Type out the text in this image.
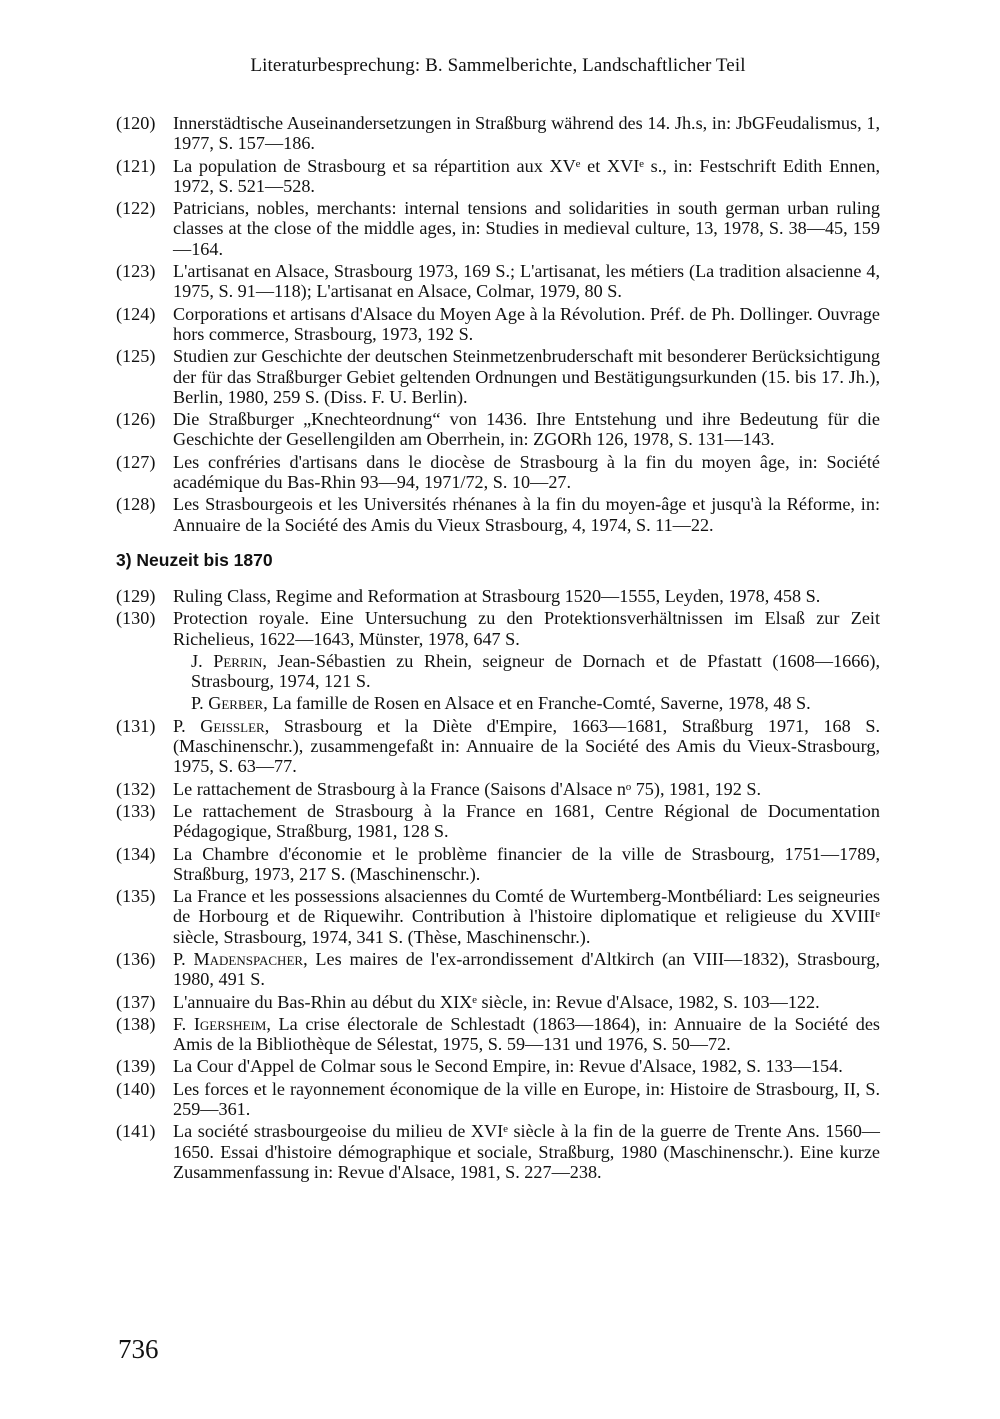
Literaturbesprechung: B. Sammelberichte, Landschaftlicher Teil
(120) Innerstädtische Auseinandersetzungen in Straßburg während des 14. Jh.s, in: JbGFeudalismus, 1, 1977, S. 157—186.
(121) La population de Strasbourg et sa répartition aux XVᵉ et XVIᵉ s., in: Festschrift Edith Ennen, 1972, S. 521—528.
(122) Patricians, nobles, merchants: internal tensions and solidarities in south german urban ruling classes at the close of the middle ages, in: Studies in medieval culture, 13, 1978, S. 38—45, 159—164.
(123) L'artisanat en Alsace, Strasbourg 1973, 169 S.; L'artisanat, les métiers (La tradition alsacienne 4, 1975, S. 91—118); L'artisanat en Alsace, Colmar, 1979, 80 S.
(124) Corporations et artisans d'Alsace du Moyen Age à la Révolution. Préf. de Ph. Dollinger. Ouvrage hors commerce, Strasbourg, 1973, 192 S.
(125) Studien zur Geschichte der deutschen Steinmetzenbruderschaft mit besonderer Berücksichtigung der für das Straßburger Gebiet geltenden Ordnungen und Bestätigungsurkunden (15. bis 17. Jh.), Berlin, 1980, 259 S. (Diss. F. U. Berlin).
(126) Die Straßburger „Knechteordnung“ von 1436. Ihre Entstehung und ihre Bedeutung für die Geschichte der Gesellengilden am Oberrhein, in: ZGORh 126, 1978, S. 131—143.
(127) Les confréries d'artisans dans le diocèse de Strasbourg à la fin du moyen âge, in: Société académique du Bas-Rhin 93—94, 1971/72, S. 10—27.
(128) Les Strasbourgeois et les Universités rhénanes à la fin du moyen-âge et jusqu'à la Réforme, in: Annuaire de la Société des Amis du Vieux Strasbourg, 4, 1974, S. 11—22.
3) Neuzeit bis 1870
(129) Ruling Class, Regime and Reformation at Strasbourg 1520—1555, Leyden, 1978, 458 S.
(130) Protection royale. Eine Untersuchung zu den Protektionsverhältnissen im Elsaß zur Zeit Richelieus, 1622—1643, Münster, 1978, 647 S.
J. Perrin, Jean-Sébastien zu Rhein, seigneur de Dornach et de Pfastatt (1608—1666), Strasbourg, 1974, 121 S.
P. Gerber, La famille de Rosen en Alsace et en Franche-Comté, Saverne, 1978, 48 S.
(131) P. Geissler, Strasbourg et la Diète d'Empire, 1663—1681, Straßburg 1971, 168 S. (Maschinenschr.), zusammengefaßt in: Annuaire de la Société des Amis du Vieux-Strasbourg, 1975, S. 63—77.
(132) Le rattachement de Strasbourg à la France (Saisons d'Alsace nᵒ 75), 1981, 192 S.
(133) Le rattachement de Strasbourg à la France en 1681, Centre Régional de Documentation Pédagogique, Straßburg, 1981, 128 S.
(134) La Chambre d'économie et le problème financier de la ville de Strasbourg, 1751—1789, Straßburg, 1973, 217 S. (Maschinenschr.).
(135) La France et les possessions alsaciennes du Comté de Wurtemberg-Montbéliard: Les seigneuries de Horbourg et de Riquewihr. Contribution à l'histoire diplomatique et religieuse du XVIIIᵉ siècle, Strasbourg, 1974, 341 S. (Thèse, Maschinenschr.).
(136) P. Madenspacher, Les maires de l'ex-arrondissement d'Altkirch (an VIII—1832), Strasbourg, 1980, 491 S.
(137) L'annuaire du Bas-Rhin au début du XIXᵉ siècle, in: Revue d'Alsace, 1982, S. 103—122.
(138) F. Igersheim, La crise électorale de Schlestadt (1863—1864), in: Annuaire de la Société des Amis de la Bibliothèque de Sélestat, 1975, S. 59—131 und 1976, S. 50—72.
(139) La Cour d'Appel de Colmar sous le Second Empire, in: Revue d'Alsace, 1982, S. 133—154.
(140) Les forces et le rayonnement économique de la ville en Europe, in: Histoire de Strasbourg, II, S. 259—361.
(141) La société strasbourgeoise du milieu de XVIᵉ siècle à la fin de la guerre de Trente Ans. 1560—1650. Essai d'histoire démographique et sociale, Straßburg, 1980 (Maschinenschr.). Eine kurze Zusammenfassung in: Revue d'Alsace, 1981, S. 227—238.
736
